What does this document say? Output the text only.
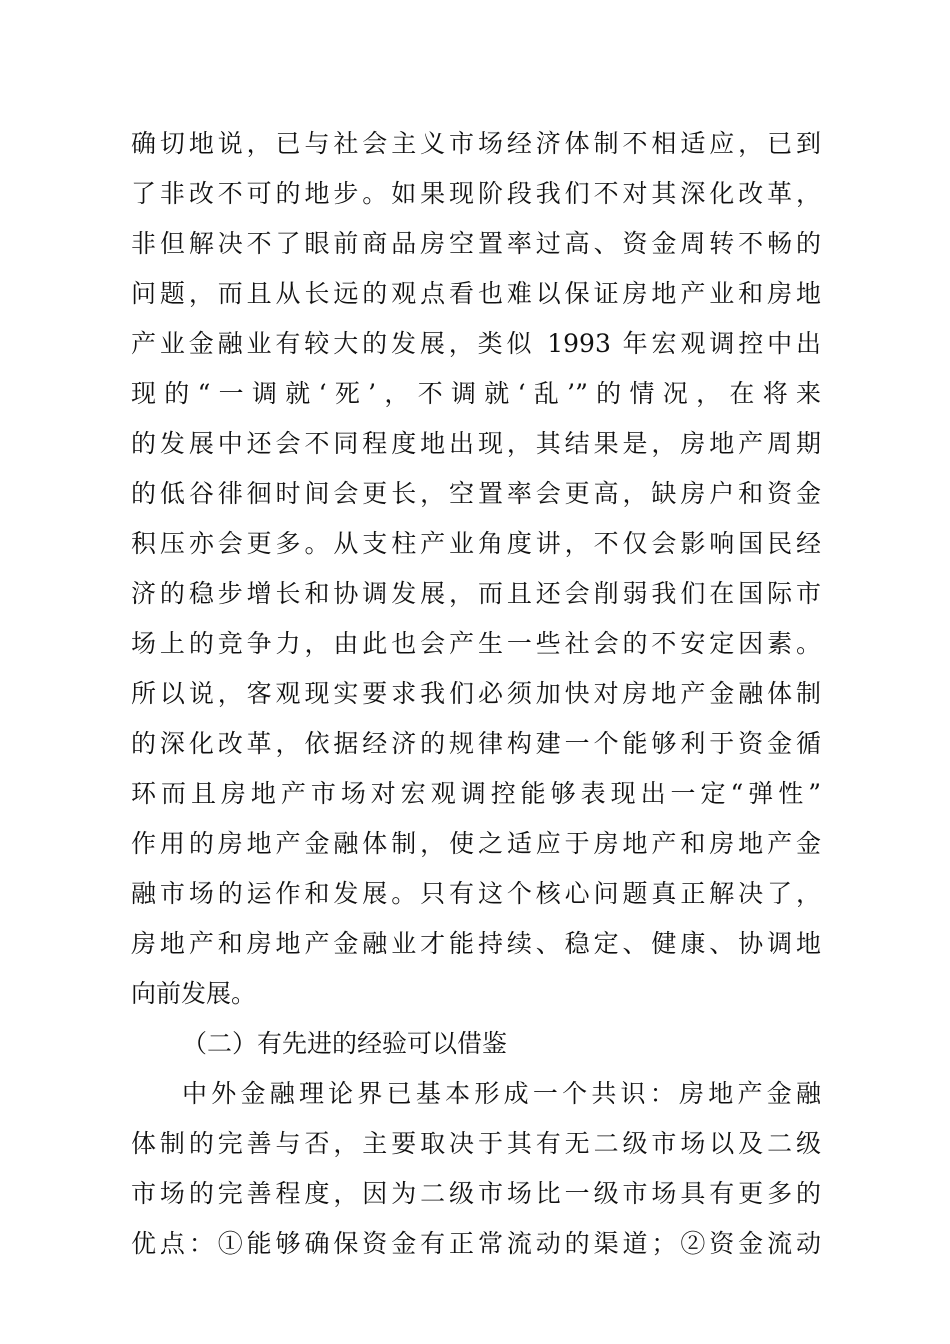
确切地说，已与社会主义市场经济体制不相适应，已到
了非改不可的地步。如果现阶段我们不对其深化改革，
非但解决不了眼前商品房空置率过高、资金周转不畅的
问题，而且从长远的观点看也难以保证房地产业和房地
产业金融业有较大的发展，类似 1993 年宏观调控中出
现的“一调就‘死’，不调就‘乱’”的情况，在将来
的发展中还会不同程度地出现，其结果是，房地产周期
的低谷徘徊时间会更长，空置率会更高，缺房户和资金
积压亦会更多。从支柱产业角度讲，不仅会影响国民经
济的稳步增长和协调发展，而且还会削弱我们在国际市
场上的竞争力，由此也会产生一些社会的不安定因素。
所以说，客观现实要求我们必须加快对房地产金融体制
的深化改革，依据经济的规律构建一个能够利于资金循
环而且房地产市场对宏观调控能够表现出一定“弹性”
作用的房地产金融体制，使之适应于房地产和房地产金
融市场的运作和发展。只有这个核心问题真正解决了，
房地产和房地产金融业才能持续、稳定、健康、协调地
向前发展。
（二）有先进的经验可以借鉴
中外金融理论界已基本形成一个共识：房地产金融
体制的完善与否，主要取决于其有无二级市场以及二级
市场的完善程度，因为二级市场比一级市场具有更多的
优点：①能够确保资金有正常流动的渠道；②资金流动
